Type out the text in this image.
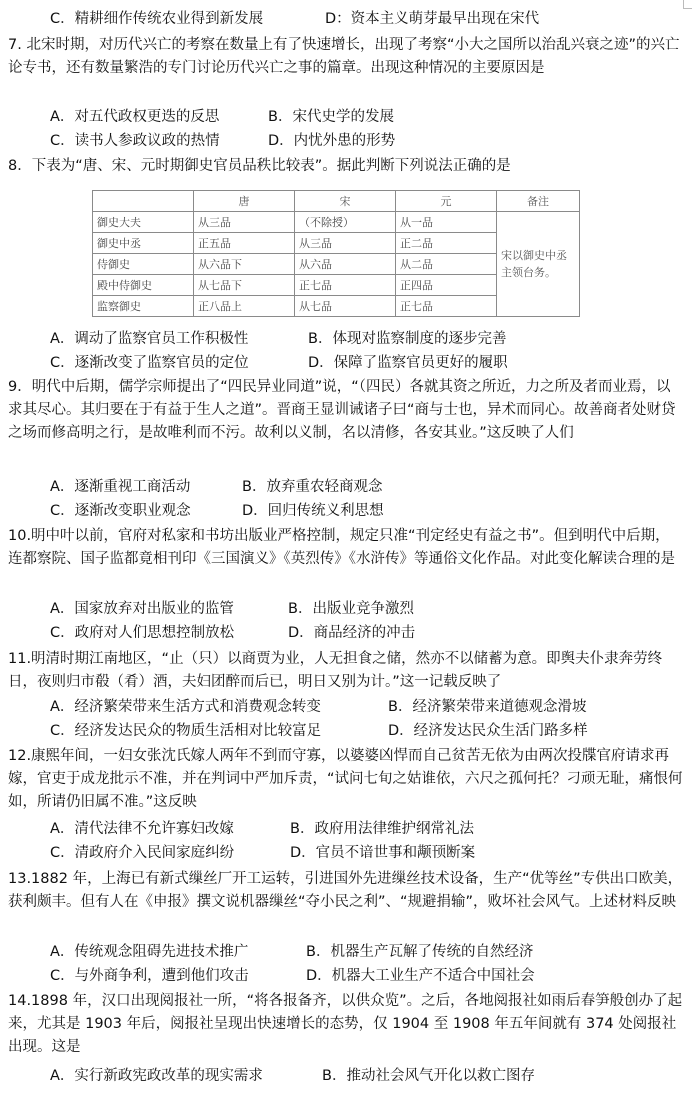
C．精耕细作传统农业得到新发展	D：资本主义萌芽最早出现在宋代

7. 北宋时期，对历代兴亡的考察在数量上有了快速增长，出现了考察“小大之国所以治乱兴衰之迹”的兴亡论专书，还有数量繁浩的专门讨论历代兴亡之事的篇章。出现这种情况的主要原因是

A．对五代政权更迭的反思	B．宋代史学的发展
C．读书人参政议政的热情	D．内忧外患的形势

8．下表为“唐、宋、元时期御史官员品秩比较表”。据此判断下列说法正确的是

	唐	宋	元	备注
御史大夫	从三品	（不除授）	从一品	宋以御史中丞主领台务。
御史中丞	正五品	从三品	正二品	
侍御史	从六品下	从六品	从二品	
殿中侍御史	从七品下	正七品	正四品	
监察御史	正八品上	从七品	正七品	
A．调动了监察官员工作积极性	B．体现对监察制度的逐步完善
C．逐渐改变了监察官员的定位	D．保障了监察官员更好的履职

9．明代中后期，儒学宗师提出了“四民异业同道”说，“（四民）各就其资之所近，力之所及者而业焉，以求其尽心。其归要在于有益于生人之道”。晋商王显训诫诸子曰“商与士也，异术而同心。故善商者处财贷之场而修高明之行，是故唯利而不污。故利以义制，名以清修，各安其业。”这反映了人们

A．逐渐重视工商活动	B．放弃重农轻商观念
C．逐渐改变职业观念	D．回归传统义利思想

10.明中叶以前，官府对私家和书坊出版业严格控制，规定只准“刊定经史有益之书”。但到明代中后期，连都察院、国子监都竟相刊印《三国演义》《英烈传》《水浒传》等通俗文化作品。对此变化解读合理的是

A．国家放弃对出版业的监管	B．出版业竞争激烈
C．政府对人们思想控制放松	D．商品经济的冲击

11.明清时期江南地区，“止（只）以商贾为业，人无担食之储，然亦不以储蓄为意。即舆夫仆隶奔劳终日，夜则归市殽（肴）酒，夫妇团醉而后已，明日又别为计。”这一记载反映了

A．经济繁荣带来生活方式和消费观念转变	B．经济繁荣带来道德观念滑坡
C．经济发达民众的物质生活相对比较富足	D．经济发达民众生活门路多样

12.康熙年间，一妇女张沈氏嫁人两年不到而守寡，以婆婆凶悍而自己贫苦无依为由两次投牒官府请求再嫁，官吏于成龙批示不准，并在判词中严加斥责，“试问七旬之姑谁依，六尺之孤何托？刁顽无耻，痛恨何如，所请仍旧属不准。”这反映

A．清代法律不允许寡妇改嫁	B．政府用法律维护纲常礼法
C．清政府介入民间家庭纠纷	D．官员不谙世事和颟顸断案

13.1882 年，上海已有新式缫丝厂开工运转，引进国外先进缫丝技术设备，生产“优等丝”专供出口欧美，获利颇丰。但有人在《申报》撰文说机器缫丝“夺小民之利”、“规避捐输”，败坏社会风气。上述材料反映

A．传统观念阻碍先进技术推广	B．机器生产瓦解了传统的自然经济
C．与外商争利，遭到他们攻击	D．机器大工业生产不适合中国社会

14.1898 年，汉口出现阅报社一所，“将各报备齐，以供众览”。之后，各地阅报社如雨后春笋般创办了起来，尤其是 1903 年后，阅报社呈现出快速增长的态势，仅 1904 至 1908 年五年间就有 374 处阅报社出现。这是

A．实行新政宪政改革的现实需求	B．推动社会风气开化以救亡图存
